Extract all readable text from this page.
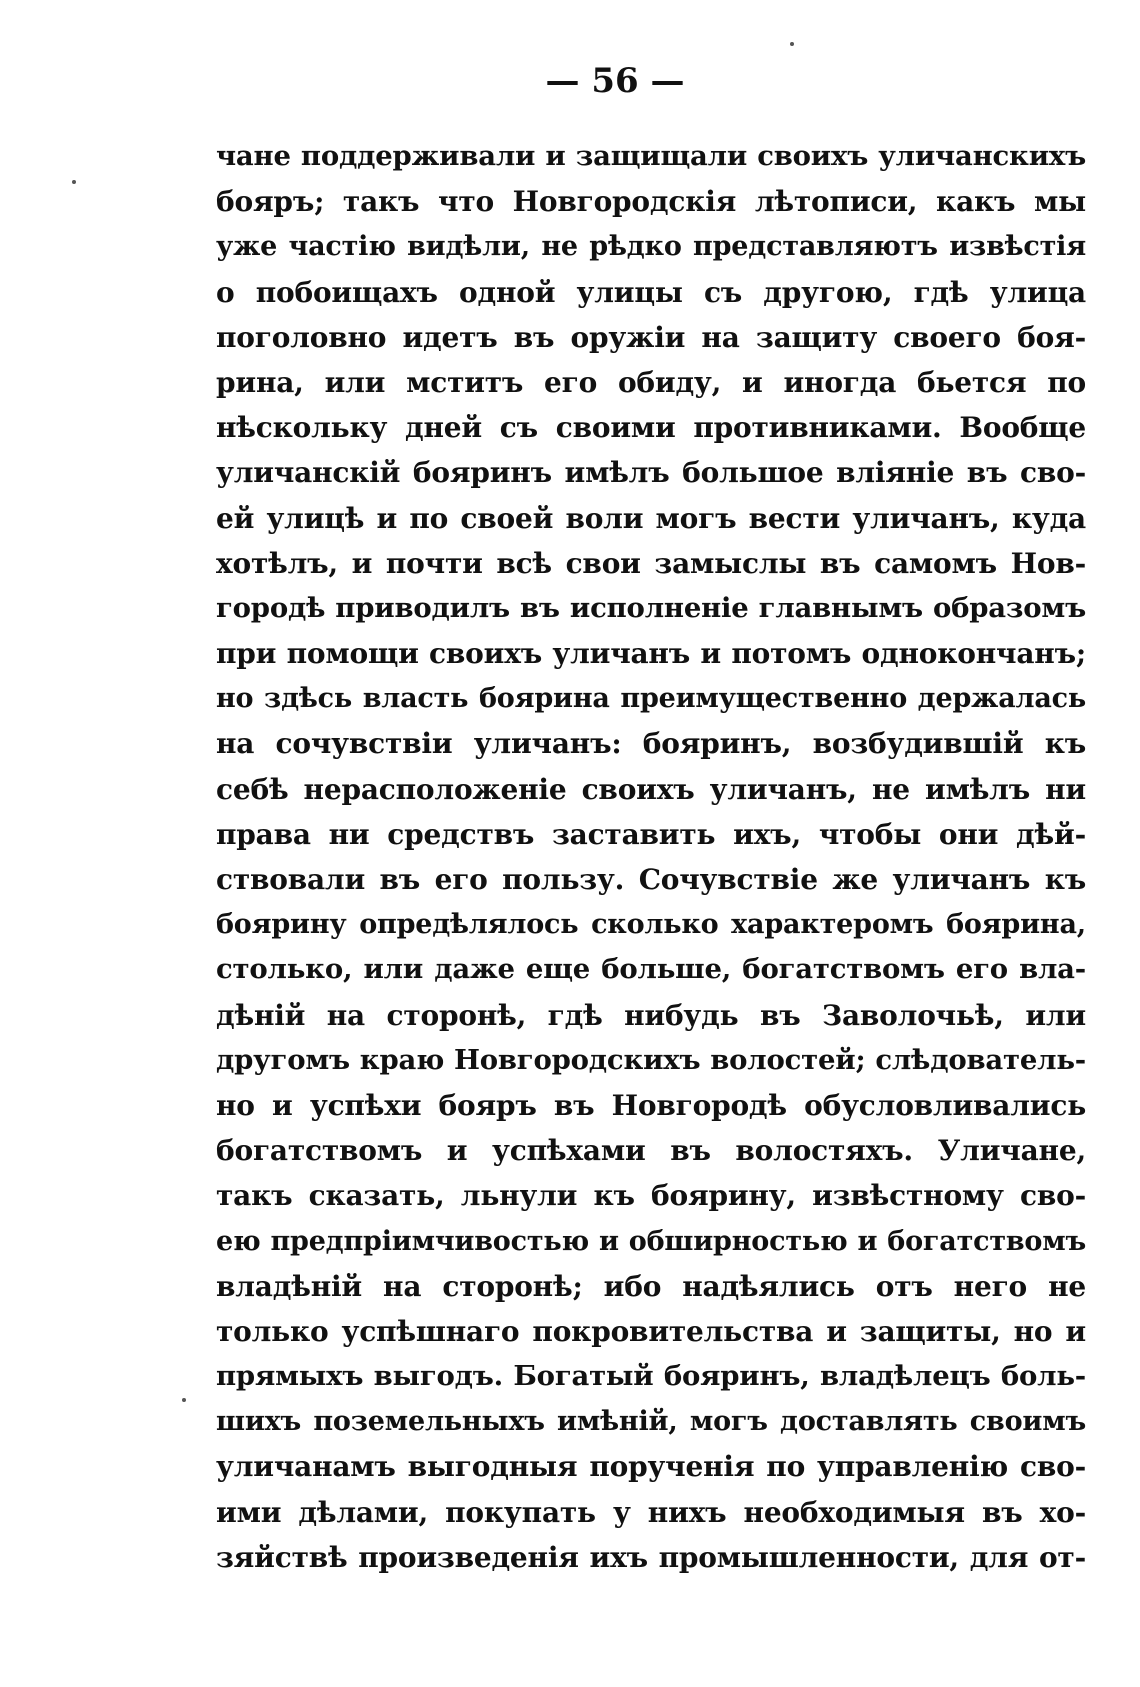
— 56 —
чане поддерживали и защищали своихъ уличанскихъ
бояръ; такъ что Новгородскія лѣтописи, какъ мы
уже частію видѣли, не рѣдко представляютъ извѣстія
о побоищахъ одной улицы съ другою, гдѣ улица
поголовно идетъ въ оружіи на защиту своего боя-
рина, или мститъ его обиду, и иногда бьется по
нѣскольку дней съ своими противниками. Вообще
уличанскій бояринъ имѣлъ большое вліяніе въ сво-
ей улицѣ и по своей воли могъ вести уличанъ, куда
хотѣлъ, и почти всѣ свои замыслы въ самомъ Нов-
городѣ приводилъ въ исполненіе главнымъ образомъ
при помощи своихъ уличанъ и потомъ однокончанъ;
но здѣсь власть боярина преимущественно держалась
на сочувствіи уличанъ: бояринъ, возбудившій къ
себѣ нерасположеніе своихъ уличанъ, не имѣлъ ни
права ни средствъ заставить ихъ, чтобы они дѣй-
ствовали въ его пользу. Сочувствіе же уличанъ къ
боярину опредѣлялось сколько характеромъ боярина,
столько, или даже еще больше, богатствомъ его вла-
дѣній на сторонѣ, гдѣ нибудь въ Заволочьѣ, или
другомъ краю Новгородскихъ волостей; слѣдователь-
но и успѣхи бояръ въ Новгородѣ обусловливались
богатствомъ и успѣхами въ волостяхъ. Уличане,
такъ сказать, льнули къ боярину, извѣстному сво-
ею предпріимчивостью и обширностью и богатствомъ
владѣній на сторонѣ; ибо надѣялись отъ него не
только успѣшнаго покровительства и защиты, но и
прямыхъ выгодъ. Богатый бояринъ, владѣлецъ боль-
шихъ поземельныхъ имѣній, могъ доставлять своимъ
уличанамъ выгодныя порученія по управленію сво-
ими дѣлами, покупать у нихъ необходимыя въ хо-
зяйствѣ произведенія ихъ промышленности, для от-
